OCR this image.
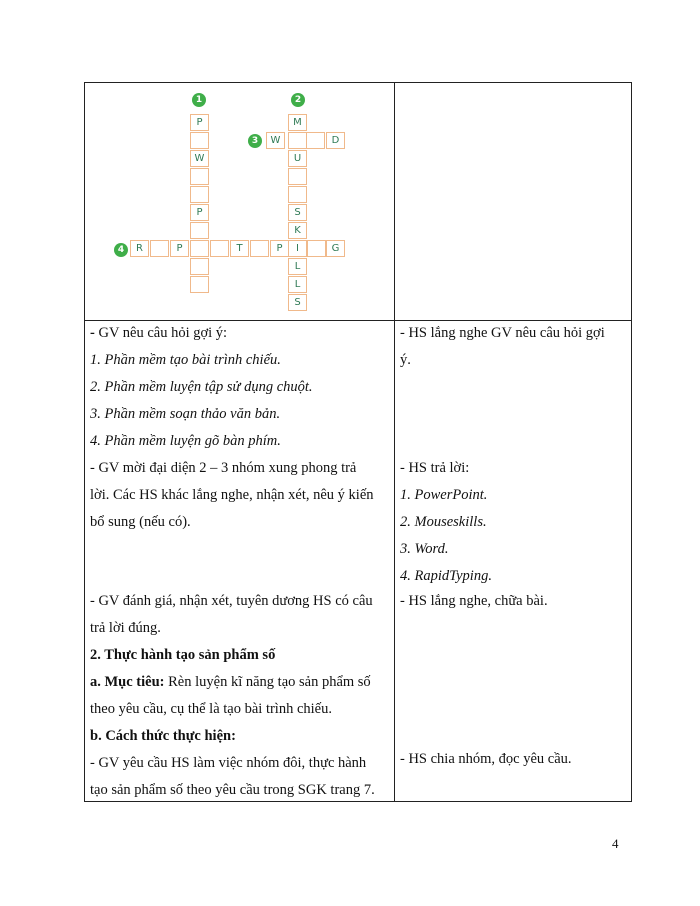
1	2
3
4
P
W
P
M
U
S
K
S
W	D
R	P	T	P	I	G
L
L
- GV nêu câu hỏi gợi ý:
1. Phần mềm tạo bài trình chiếu.
2. Phần mềm luyện tập sử dụng chuột.
3. Phần mềm soạn thảo văn bản.
4. Phần mềm luyện gõ bàn phím.
- GV mời đại diện 2 – 3 nhóm xung phong trả
lời. Các HS khác lắng nghe, nhận xét, nêu ý kiến
bổ sung (nếu có).
- GV đánh giá, nhận xét, tuyên dương HS có câu
trả lời đúng.
2. Thực hành tạo sản phẩm số
a. Mục tiêu: Rèn luyện kĩ năng tạo sản phẩm số
theo yêu cầu, cụ thể là tạo bài trình chiếu.
b. Cách thức thực hiện:
- GV yêu cầu HS làm việc nhóm đôi, thực hành
tạo sản phẩm số theo yêu cầu trong SGK trang 7.
- HS lắng nghe GV nêu câu hỏi gợi
ý.
- HS trả lời:
1. PowerPoint.
2. Mouseskills.
3. Word.
4. RapidTyping.
- HS lắng nghe, chữa bài.
- HS chia nhóm, đọc yêu cầu.
4
